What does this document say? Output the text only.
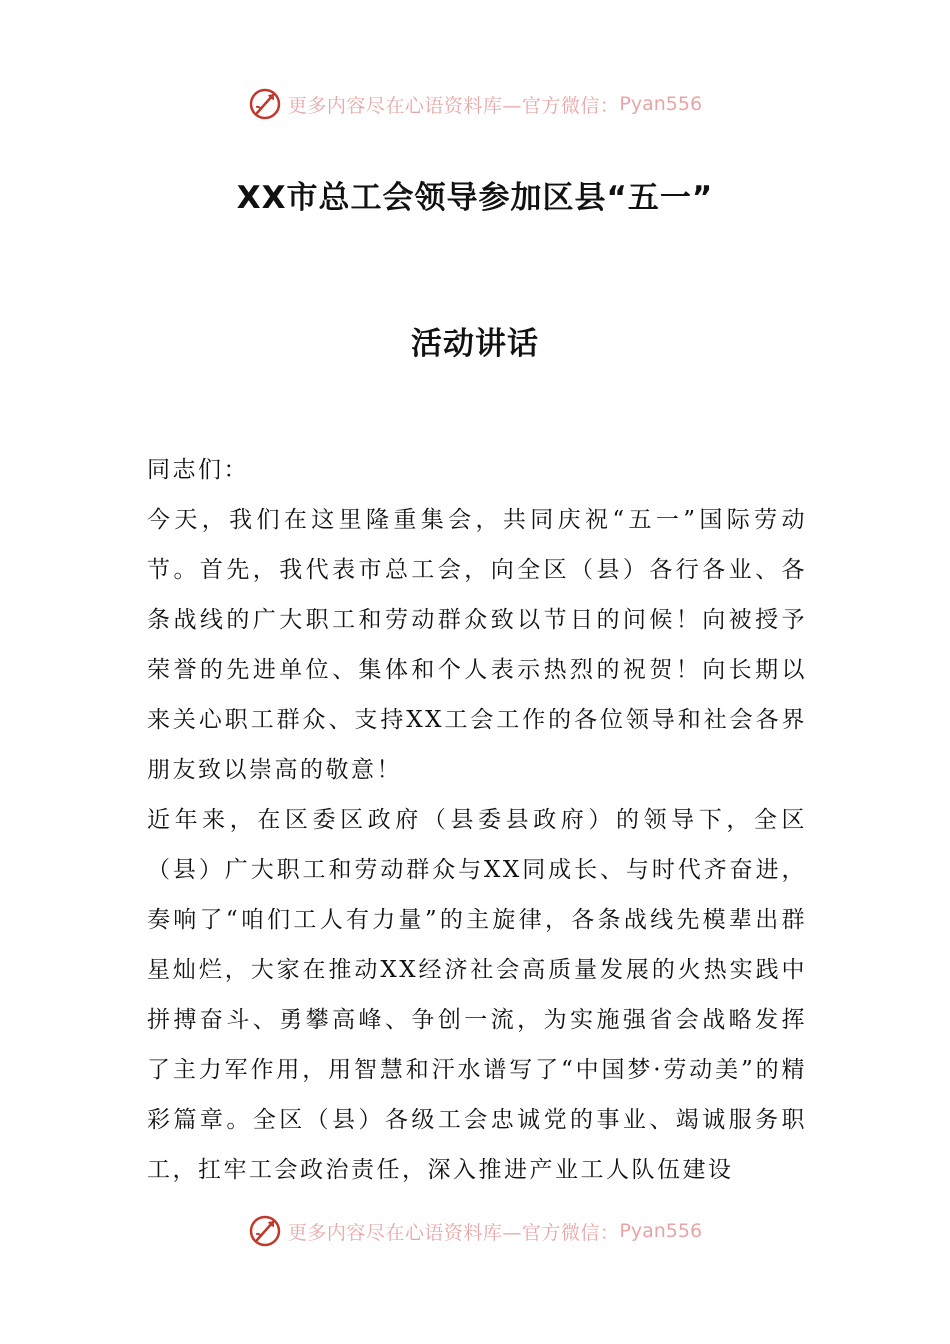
更多内容尽在心语资料库—官方微信： Pyan556
XX市总工会领导参加区县“五一”
活动讲话

同志们：

今天，我们在这里隆重集会，共同庆祝“五一”国际劳动节。首先，我代表市总工会，向全区（县）各行各业、各条战线的广大职工和劳动群众致以节日的问候！向被授予荣誉的先进单位、集体和个人表示热烈的祝贺！向长期以来关心职工群众、支持XX工会工作的各位领导和社会各界朋友致以崇高的敬意！

近年来，在区委区政府（县委县政府）的领导下，全区（县）广大职工和劳动群众与XX同成长、与时代齐奋进，奏响了“咱们工人有力量”的主旋律，各条战线先模辈出群星灿烂，大家在推动XX经济社会高质量发展的火热实践中拼搏奋斗、勇攀高峰、争创一流，为实施强省会战略发挥了主力军作用，用智慧和汗水谱写了“中国梦·劳动美”的精彩篇章。全区（县）各级工会忠诚党的事业、竭诚服务职工，扛牢工会政治责任，深入推进产业工人队伍建设

更多内容尽在心语资料库—官方微信： Pyan556
